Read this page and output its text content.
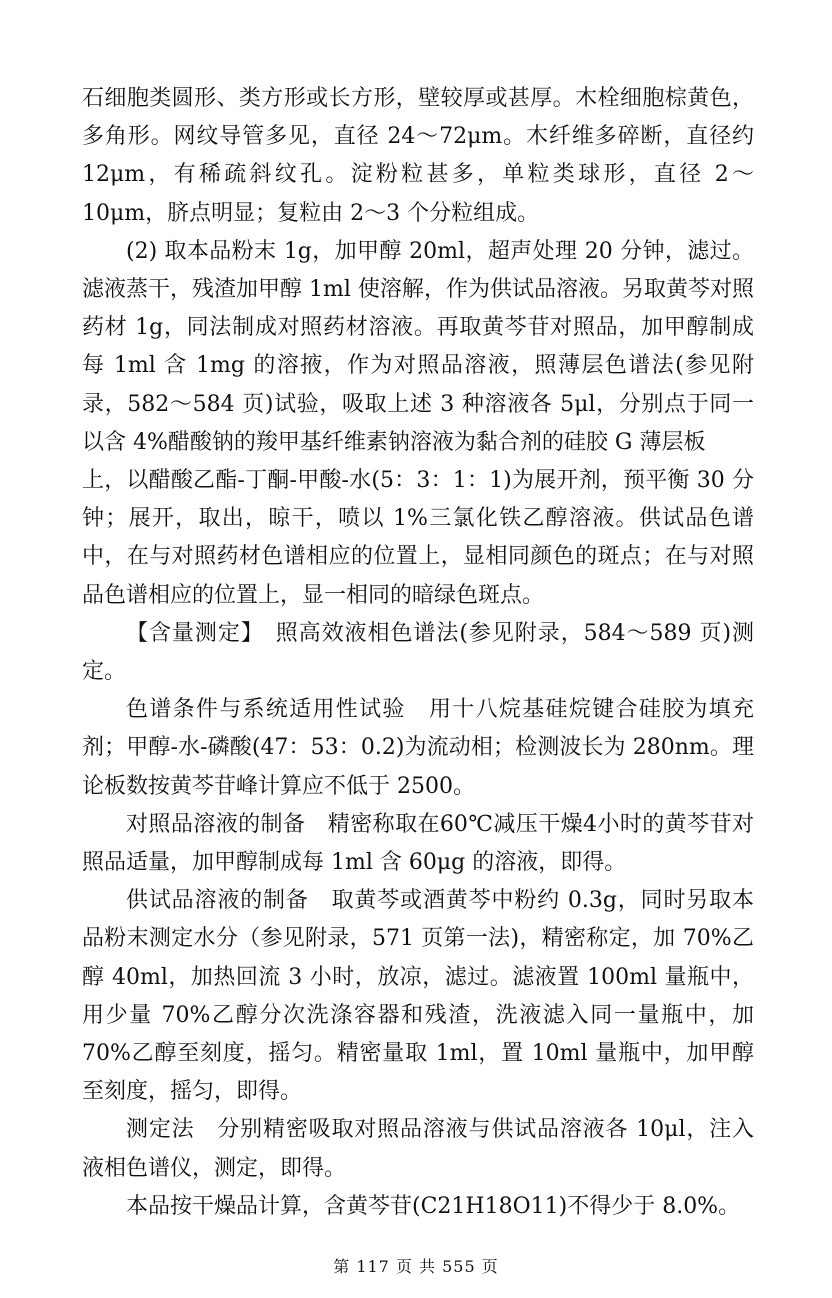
石细胞类圆形、类方形或长方形，壁较厚或甚厚。木栓细胞棕黄色，多角形。网纹导管多见，直径 24～72μm。木纤维多碎断，直径约 12μm，有稀疏斜纹孔。淀粉粒甚多，单粒类球形，直径 2～10μm，脐点明显；复粒由 2～3 个分粒组成。

(2) 取本品粉末 1g，加甲醇 20ml，超声处理 20 分钟，滤过。滤液蒸干，残渣加甲醇 1ml 使溶解，作为供试品溶液。另取黄芩对照药材 1g，同法制成对照药材溶液。再取黄芩苷对照品，加甲醇制成每 1ml 含 1mg 的溶掖，作为对照品溶液，照薄层色谱法(参见附录，582～584 页)试验，吸取上述 3 种溶液各 5μl，分别点于同一以含 4%醋酸钠的羧甲基纤维素钠溶液为黏合剂的硅胶 G 薄层板

上，以醋酸乙酯-丁酮-甲酸-水(5：3：1：1)为展开剂，预平衡 30 分钟；展开，取出，晾干，喷以 1%三氯化铁乙醇溶液。供试品色谱中，在与对照药材色谱相应的位置上，显相同颜色的斑点；在与对照品色谱相应的位置上，显一相同的暗绿色斑点。

【含量测定】　照高效液相色谱法(参见附录，584～589 页)测定。

色谱条件与系统适用性试验　用十八烷基硅烷键合硅胶为填充剂；甲醇-水-磷酸(47：53：0.2)为流动相；检测波长为 280nm。理论板数按黄芩苷峰计算应不低于 2500。

对照品溶液的制备　精密称取在60℃减压干燥4小时的黄芩苷对照品适量，加甲醇制成每 1ml 含 60μg 的溶液，即得。

供试品溶液的制备　取黄芩或酒黄芩中粉约 0.3g，同时另取本品粉末测定水分（参见附录，571 页第一法)，精密称定，加 70%乙醇 40ml，加热回流 3 小时，放凉，滤过。滤液置 100ml 量瓶中，用少量 70%乙醇分次洗涤容器和残渣，洗液滤入同一量瓶中，加 70%乙醇至刻度，摇匀。精密量取 1ml，置 10ml 量瓶中，加甲醇至刻度，摇匀，即得。

测定法　分别精密吸取对照品溶液与供试品溶液各 10μl，注入液相色谱仪，测定，即得。

本品按干燥品计算，含黄芩苷(C21H18O11)不得少于 8.0%。

第 117 页 共 555 页
